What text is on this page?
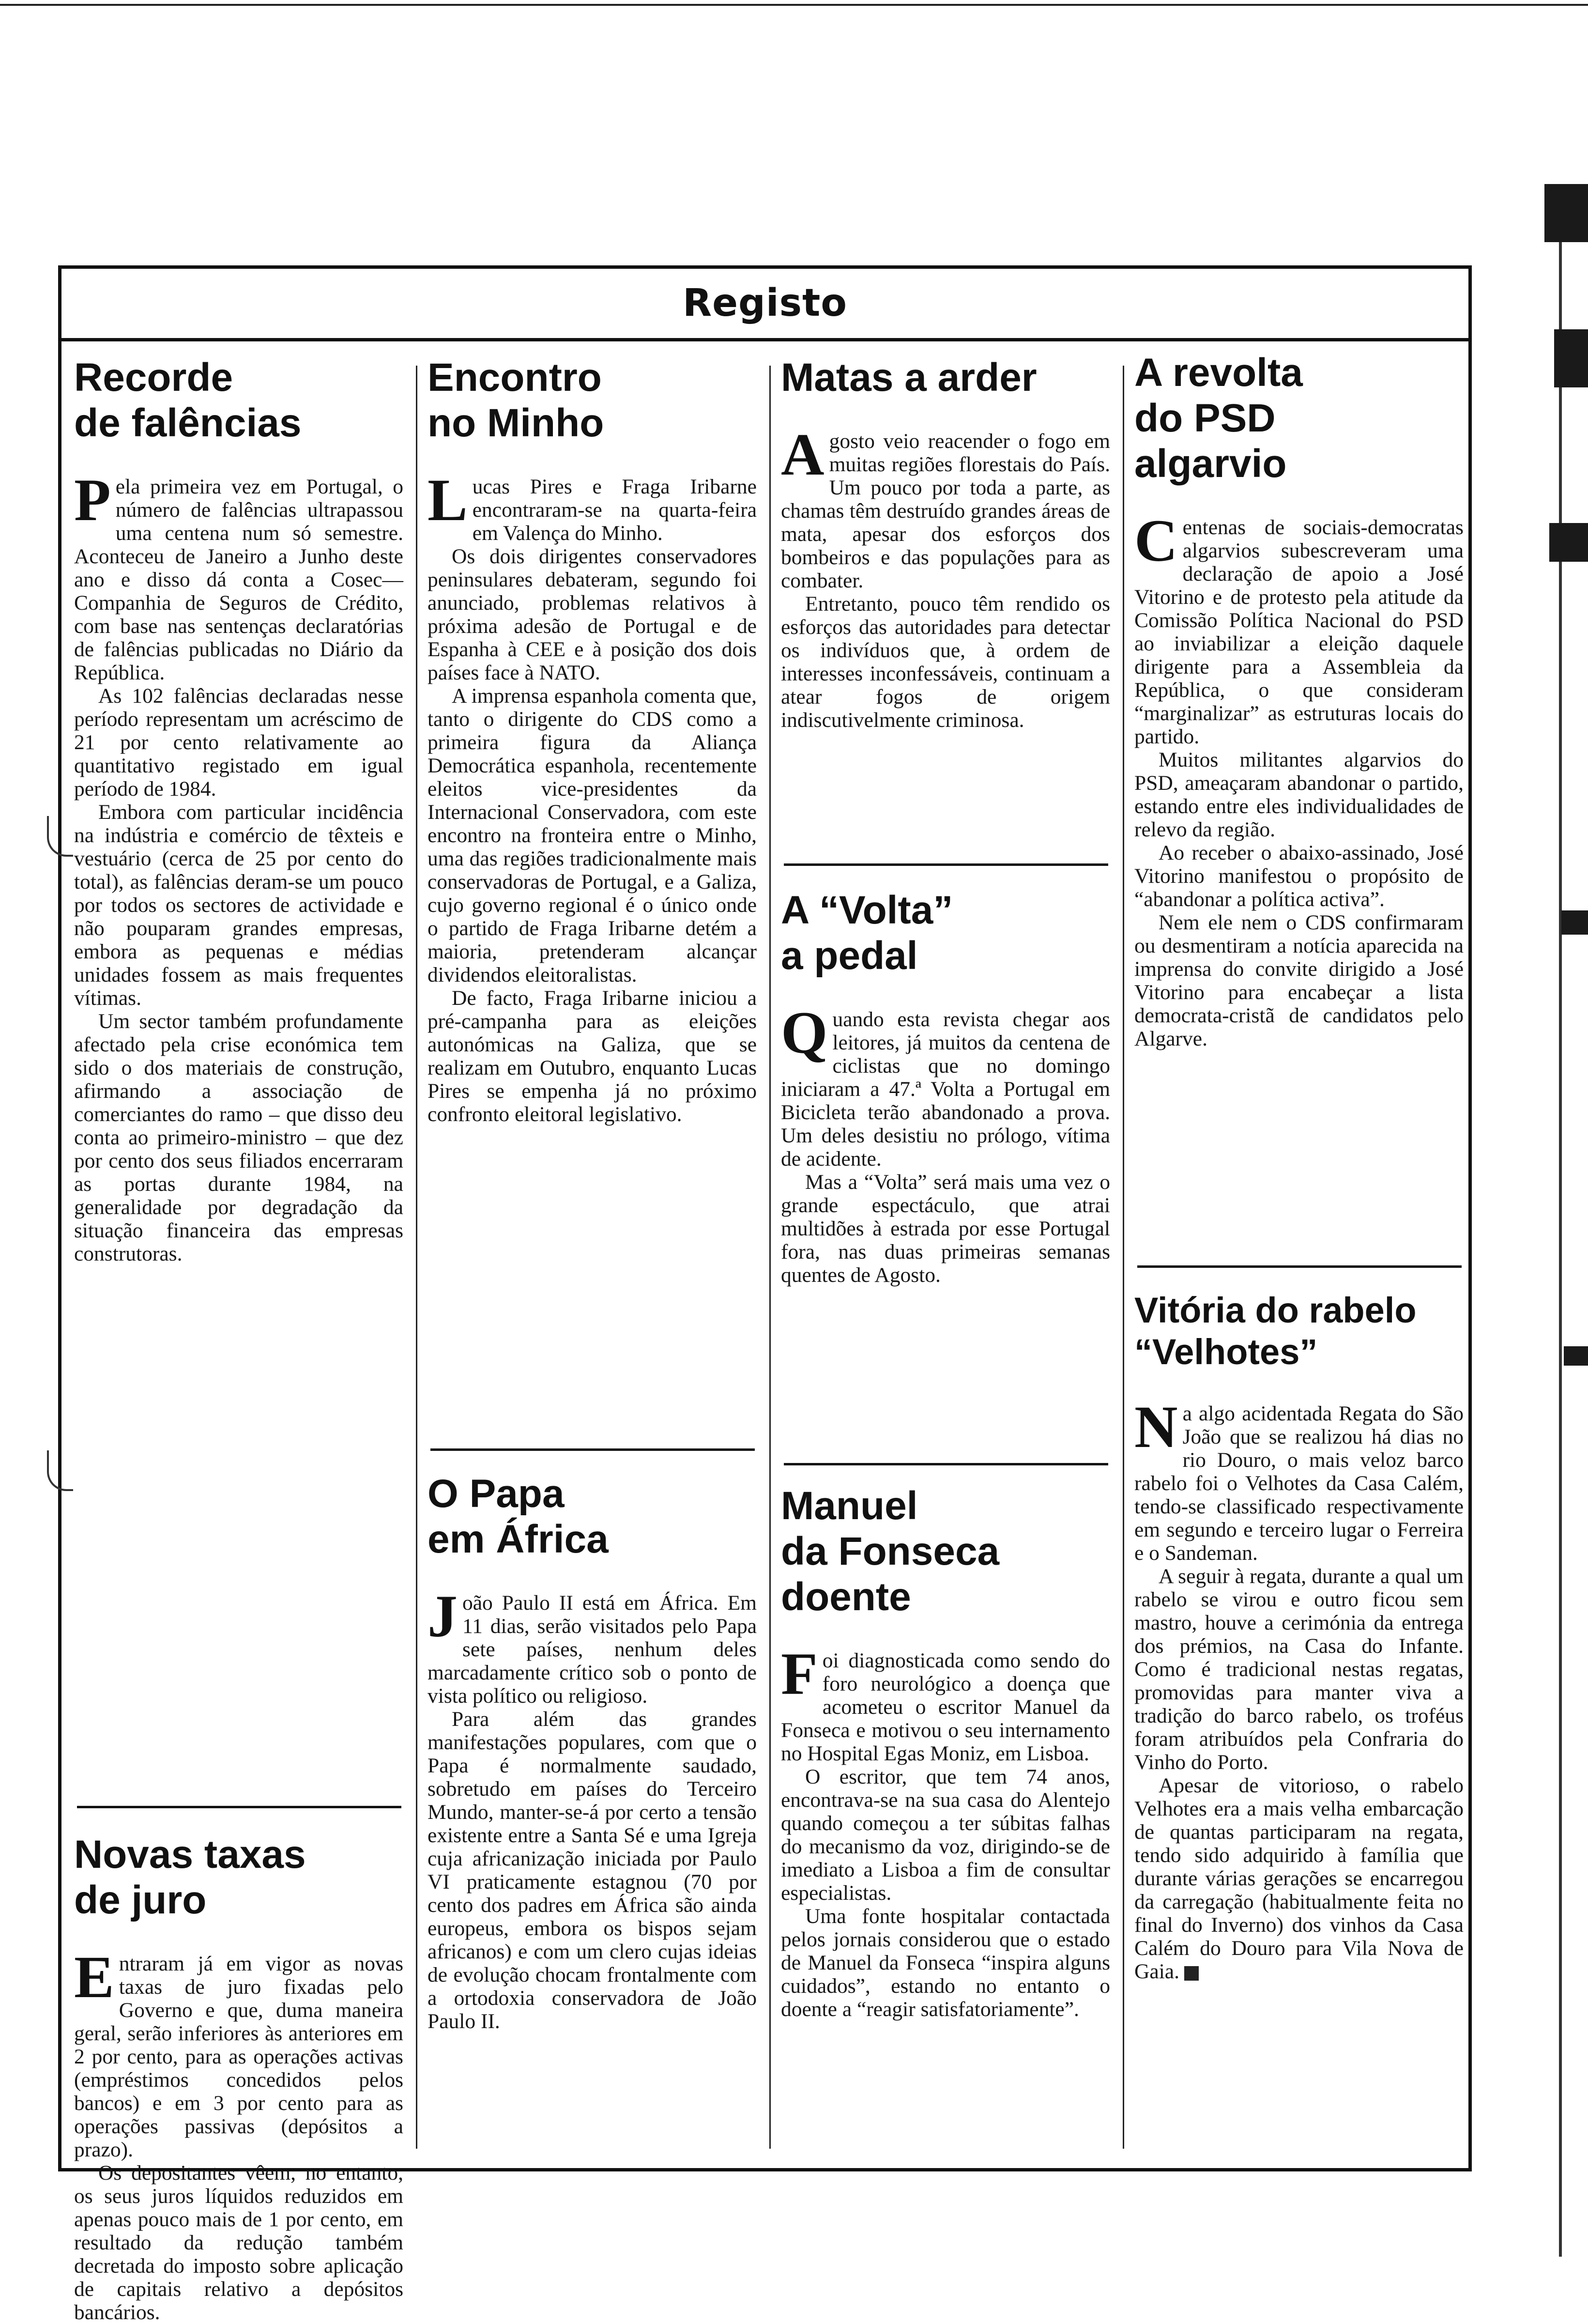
Registo
Recorde
de falências

Pela primeira vez em Portugal, o número de falências ultrapassou uma centena num só semestre. Aconteceu de Janeiro a Junho deste ano e disso dá conta a Cosec—Companhia de Seguros de Crédito, com base nas sentenças declaratórias de falências publicadas no Diário da República.

As 102 falências declaradas nesse período representam um acréscimo de 21 por cento relativamente ao quantitativo registado em igual período de 1984.

Embora com particular incidência na indústria e comércio de têxteis e vestuário (cerca de 25 por cento do total), as falências deram-se um pouco por todos os sectores de actividade e não pouparam grandes empresas, embora as pequenas e médias unidades fossem as mais frequentes vítimas.

Um sector também profundamente afectado pela crise económica tem sido o dos materiais de construção, afirmando a associação de comerciantes do ramo – que disso deu conta ao primeiro-ministro – que dez por cento dos seus filiados encerraram as portas durante 1984, na generalidade por degradação da situação financeira das empresas construtoras.

Novas taxas
de juro

Entraram já em vigor as novas taxas de juro fixadas pelo Governo e que, duma maneira geral, serão inferiores às anteriores em 2 por cento, para as operações activas (empréstimos concedidos pelos bancos) e em 3 por cento para as operações passivas (depósitos a prazo).

Os depositantes vêem, no entanto, os seus juros líquidos reduzidos em apenas pouco mais de 1 por cento, em resultado da redução também decretada do imposto sobre aplicação de capitais relativo a depósitos bancários.

Encontro
no Minho

Lucas Pires e Fraga Iribarne encontraram-se na quarta-feira em Valença do Minho.

Os dois dirigentes conservadores peninsulares debateram, segundo foi anunciado, problemas relativos à próxima adesão de Portugal e de Espanha à CEE e à posição dos dois países face à NATO.

A imprensa espanhola comenta que, tanto o dirigente do CDS como a primeira figura da Aliança Democrática espanhola, recentemente eleitos vice-presidentes da Internacional Conservadora, com este encontro na fronteira entre o Minho, uma das regiões tradicionalmente mais conservadoras de Portugal, e a Galiza, cujo governo regional é o único onde o partido de Fraga Iribarne detém a maioria, pretenderam alcançar dividendos eleitoralistas.

De facto, Fraga Iribarne iniciou a pré-campanha para as eleições autonómicas na Galiza, que se realizam em Outubro, enquanto Lucas Pires se empenha já no próximo confronto eleitoral legislativo.

O Papa
em África

João Paulo II está em África. Em 11 dias, serão visitados pelo Papa sete países, nenhum deles marcadamente crítico sob o ponto de vista político ou religioso.

Para além das grandes manifestações populares, com que o Papa é normalmente saudado, sobretudo em países do Terceiro Mundo, manter-se-á por certo a tensão existente entre a Santa Sé e uma Igreja cuja africanização iniciada por Paulo VI praticamente estagnou (70 por cento dos padres em África são ainda europeus, embora os bispos sejam africanos) e com um clero cujas ideias de evolução chocam frontalmente com a ortodoxia conservadora de João Paulo II.

Matas a arder

Agosto veio reacender o fogo em muitas regiões florestais do País. Um pouco por toda a parte, as chamas têm destruído grandes áreas de mata, apesar dos esforços dos bombeiros e das populações para as combater.

Entretanto, pouco têm rendido os esforços das autoridades para detectar os indivíduos que, à ordem de interesses inconfessáveis, continuam a atear fogos de origem indiscutivelmente criminosa.

A “Volta”
a pedal

Quando esta revista chegar aos leitores, já muitos da centena de ciclistas que no domingo iniciaram a 47.ª Volta a Portugal em Bicicleta terão abandonado a prova. Um deles desistiu no prólogo, vítima de acidente.

Mas a “Volta” será mais uma vez o grande espectáculo, que atrai multidões à estrada por esse Portugal fora, nas duas primeiras semanas quentes de Agosto.

Manuel
da Fonseca
doente

Foi diagnosticada como sendo do foro neurológico a doença que acometeu o escritor Manuel da Fonseca e motivou o seu internamento no Hospital Egas Moniz, em Lisboa.

O escritor, que tem 74 anos, encontrava-se na sua casa do Alentejo quando começou a ter súbitas falhas do mecanismo da voz, dirigindo-se de imediato a Lisboa a fim de consultar especialistas.

Uma fonte hospitalar contactada pelos jornais considerou que o estado de Manuel da Fonseca “inspira alguns cuidados”, estando no entanto o doente a “reagir satisfatoriamente”.

A revolta
do PSD
algarvio

Centenas de sociais-democratas algarvios subescreveram uma declaração de apoio a José Vitorino e de protesto pela atitude da Comissão Política Nacional do PSD ao inviabilizar a eleição daquele dirigente para a Assembleia da República, o que consideram “marginalizar” as estruturas locais do partido.

Muitos militantes algarvios do PSD, ameaçaram abandonar o partido, estando entre eles individualidades de relevo da região.

Ao receber o abaixo-assinado, José Vitorino manifestou o propósito de “abandonar a política activa”.

Nem ele nem o CDS confirmaram ou desmentiram a notícia aparecida na imprensa do convite dirigido a José Vitorino para encabeçar a lista democrata-cristã de candidatos pelo Algarve.

Vitória do rabelo
“Velhotes”

Na algo acidentada Regata do São João que se realizou há dias no rio Douro, o mais veloz barco rabelo foi o Velhotes da Casa Calém, tendo-se classificado respectivamente em segundo e terceiro lugar o Ferreira e o Sandeman.

A seguir à regata, durante a qual um rabelo se virou e outro ficou sem mastro, houve a cerimónia da entrega dos prémios, na Casa do Infante. Como é tradicional nestas regatas, promovidas para manter viva a tradição do barco rabelo, os troféus foram atribuídos pela Confraria do Vinho do Porto.

Apesar de vitorioso, o rabelo Velhotes era a mais velha embarcação de quantas participaram na regata, tendo sido adquirido à família que durante várias gerações se encarregou da carregação (habitualmente feita no final do Inverno) dos vinhos da Casa Calém do Douro para Vila Nova de Gaia.
